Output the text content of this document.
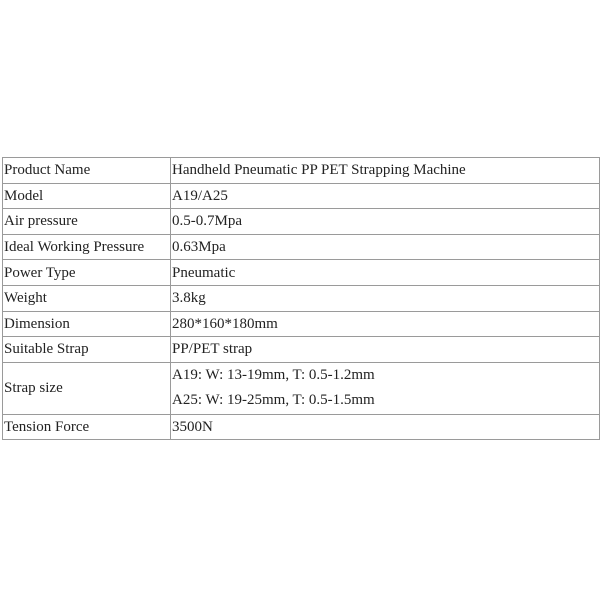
Product Name	Handheld Pneumatic PP PET Strapping Machine
Model	A19/A25
Air pressure	0.5-0.7Mpa
Ideal Working Pressure	0.63Mpa
Power Type	Pneumatic
Weight	3.8kg
Dimension	280*160*180mm
Suitable Strap	PP/PET strap
Strap size	A19: W: 13-19mm, T: 0.5-1.2mm
A25: W: 19-25mm, T: 0.5-1.5mm

Tension Force	3500N
